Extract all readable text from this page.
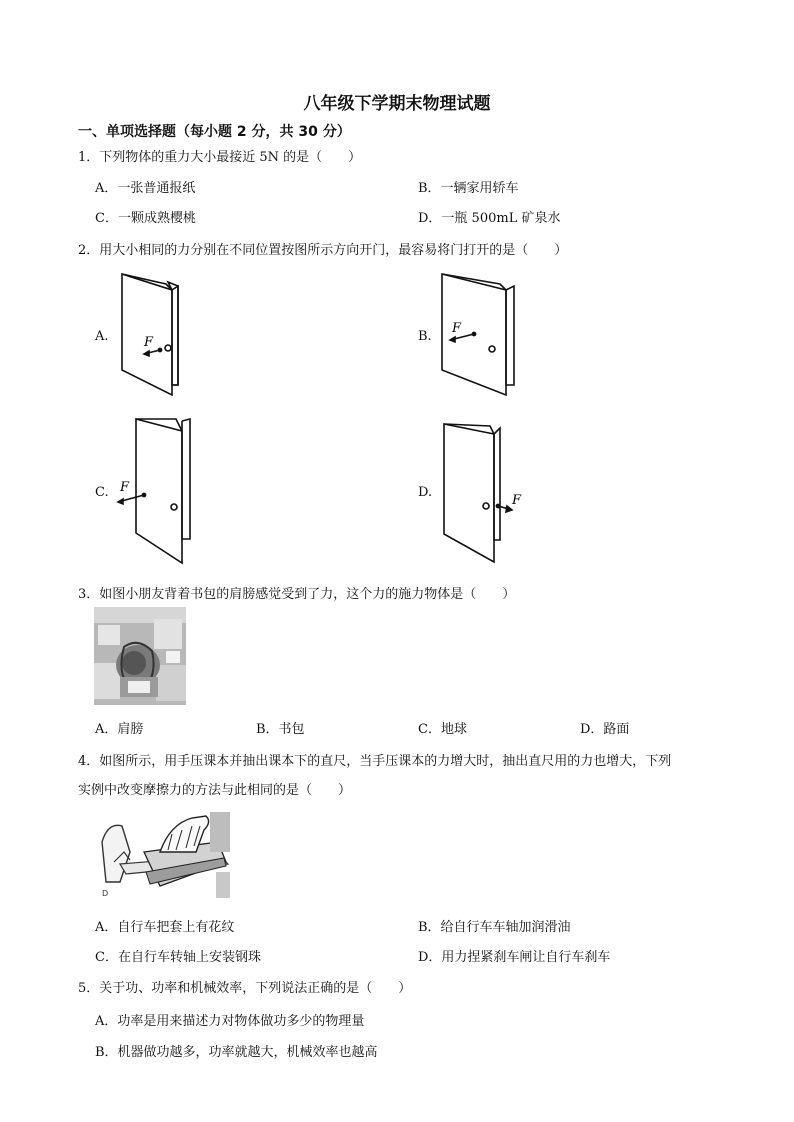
八年级下学期末物理试题
一、单项选择题（每小题 2 分，共 30 分）
1．下列物体的重力大小最接近 5N 的是（　　）
A．一张普通报纸	B．一辆家用轿车
C．一颗成熟樱桃	D．一瓶 500mL 矿泉水
2．用大小相同的力分别在不同位置按图所示方向开门，最容易将门打开的是（　　）
A.	B.
C.	D.
F
F
F
F
3．如图小朋友背着书包的肩膀感觉受到了力，这个力的施力物体是（　　）
A．肩膀	B．书包	C．地球	D．路面
4．如图所示，用手压课本并抽出课本下的直尺，当手压课本的力增大时，抽出直尺用的力也增大，下列
实例中改变摩擦力的方法与此相同的是（　　）
D
A．自行车把套上有花纹	B．给自行车车轴加润滑油
C．在自行车转轴上安装钢珠	D．用力捏紧刹车闸让自行车刹车
5．关于功、功率和机械效率，下列说法正确的是（　　）
A．功率是用来描述力对物体做功多少的物理量
B．机器做功越多，功率就越大，机械效率也越高
